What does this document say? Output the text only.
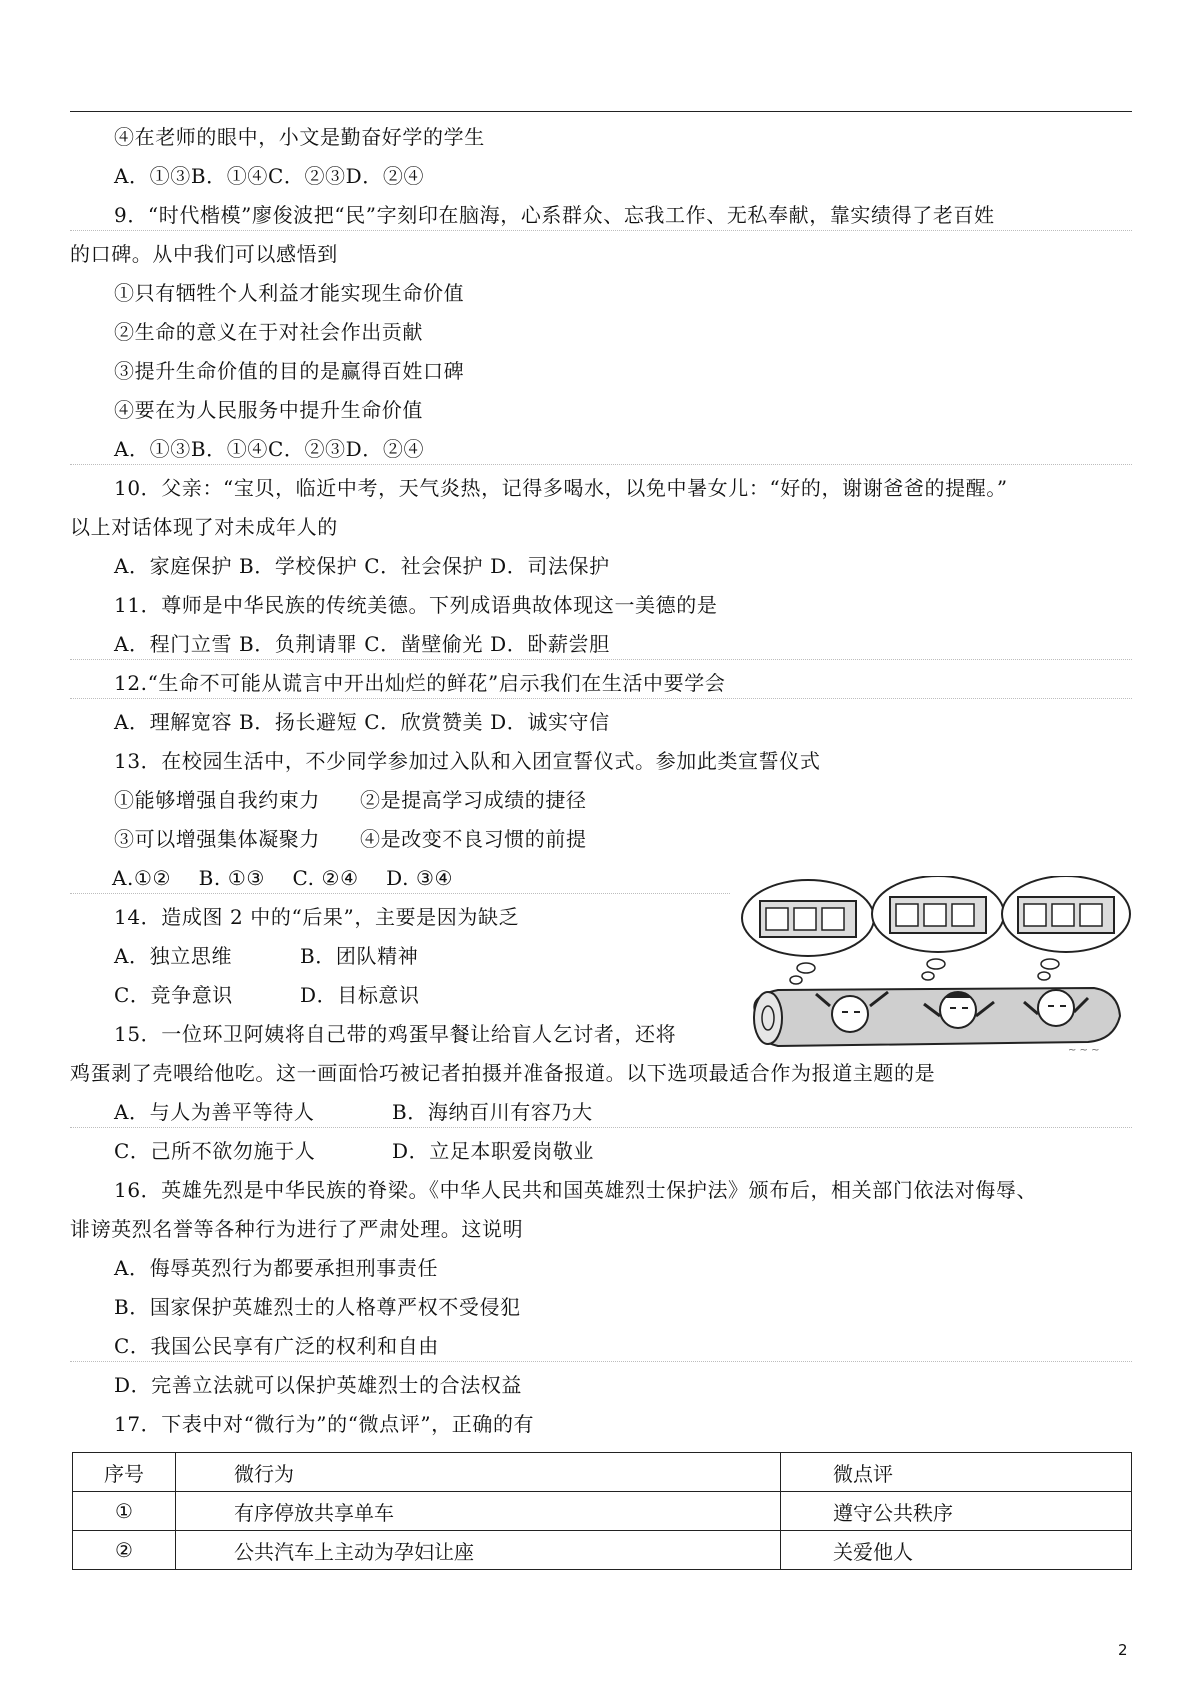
④在老师的眼中，小文是勤奋好学的学生
A．①③B．①④C．②③D．②④
9．“时代楷模”廖俊波把“民”字刻印在脑海，心系群众、忘我工作、无私奉献，靠实绩得了老百姓
的口碑。从中我们可以感悟到
①只有牺牲个人利益才能实现生命价值
②生命的意义在于对社会作出贡献
③提升生命价值的目的是赢得百姓口碑
④要在为人民服务中提升生命价值
A．①③B．①④C．②③D．②④
10．父亲：“宝贝，临近中考，天气炎热，记得多喝水，以免中暑女儿：“好的，谢谢爸爸的提醒。”
以上对话体现了对未成年人的
A．家庭保护 B．学校保护 C．社会保护 D．司法保护
11．尊师是中华民族的传统美德。下列成语典故体现这一美德的是
A．程门立雪 B．负荆请罪 C．凿壁偷光 D．卧薪尝胆
12.“生命不可能从谎言中开出灿烂的鲜花”启示我们在生活中要学会
A．理解宽容 B．扬长避短 C．欣赏赞美 D．诚实守信
13．在校园生活中，不少同学参加过入队和入团宣誓仪式。参加此类宣誓仪式
①能够增强自我约束力 ②是提高学习成绩的捷径
③可以增强集体凝聚力 ④是改变不良习惯的前提
A.①②　 B. ①③　 C. ②④　 D. ③④
14．造成图 2 中的“后果”，主要是因为缺乏
A．独立思维	B．团队精神
C．竞争意识	D．目标意识
~ ~ ~
15．一位环卫阿姨将自己带的鸡蛋早餐让给盲人乞讨者，还将
鸡蛋剥了壳喂给他吃。这一画面恰巧被记者拍摄并准备报道。以下选项最适合作为报道主题的是
A．与人为善平等待人	B．海纳百川有容乃大
C．己所不欲勿施于人	D．立足本职爱岗敬业
16．英雄先烈是中华民族的脊梁。《中华人民共和国英雄烈士保护法》颁布后，相关部门依法对侮辱、
诽谤英烈名誉等各种行为进行了严肃处理。这说明
A．侮辱英烈行为都要承担刑事责任
B．国家保护英雄烈士的人格尊严权不受侵犯
C．我国公民享有广泛的权利和自由
D．完善立法就可以保护英雄烈士的合法权益
17．下表中对“微行为”的“微点评”，正确的有
序号	微行为	微点评
①	有序停放共享单车	遵守公共秩序
②	公共汽车上主动为孕妇让座	关爱他人
2
